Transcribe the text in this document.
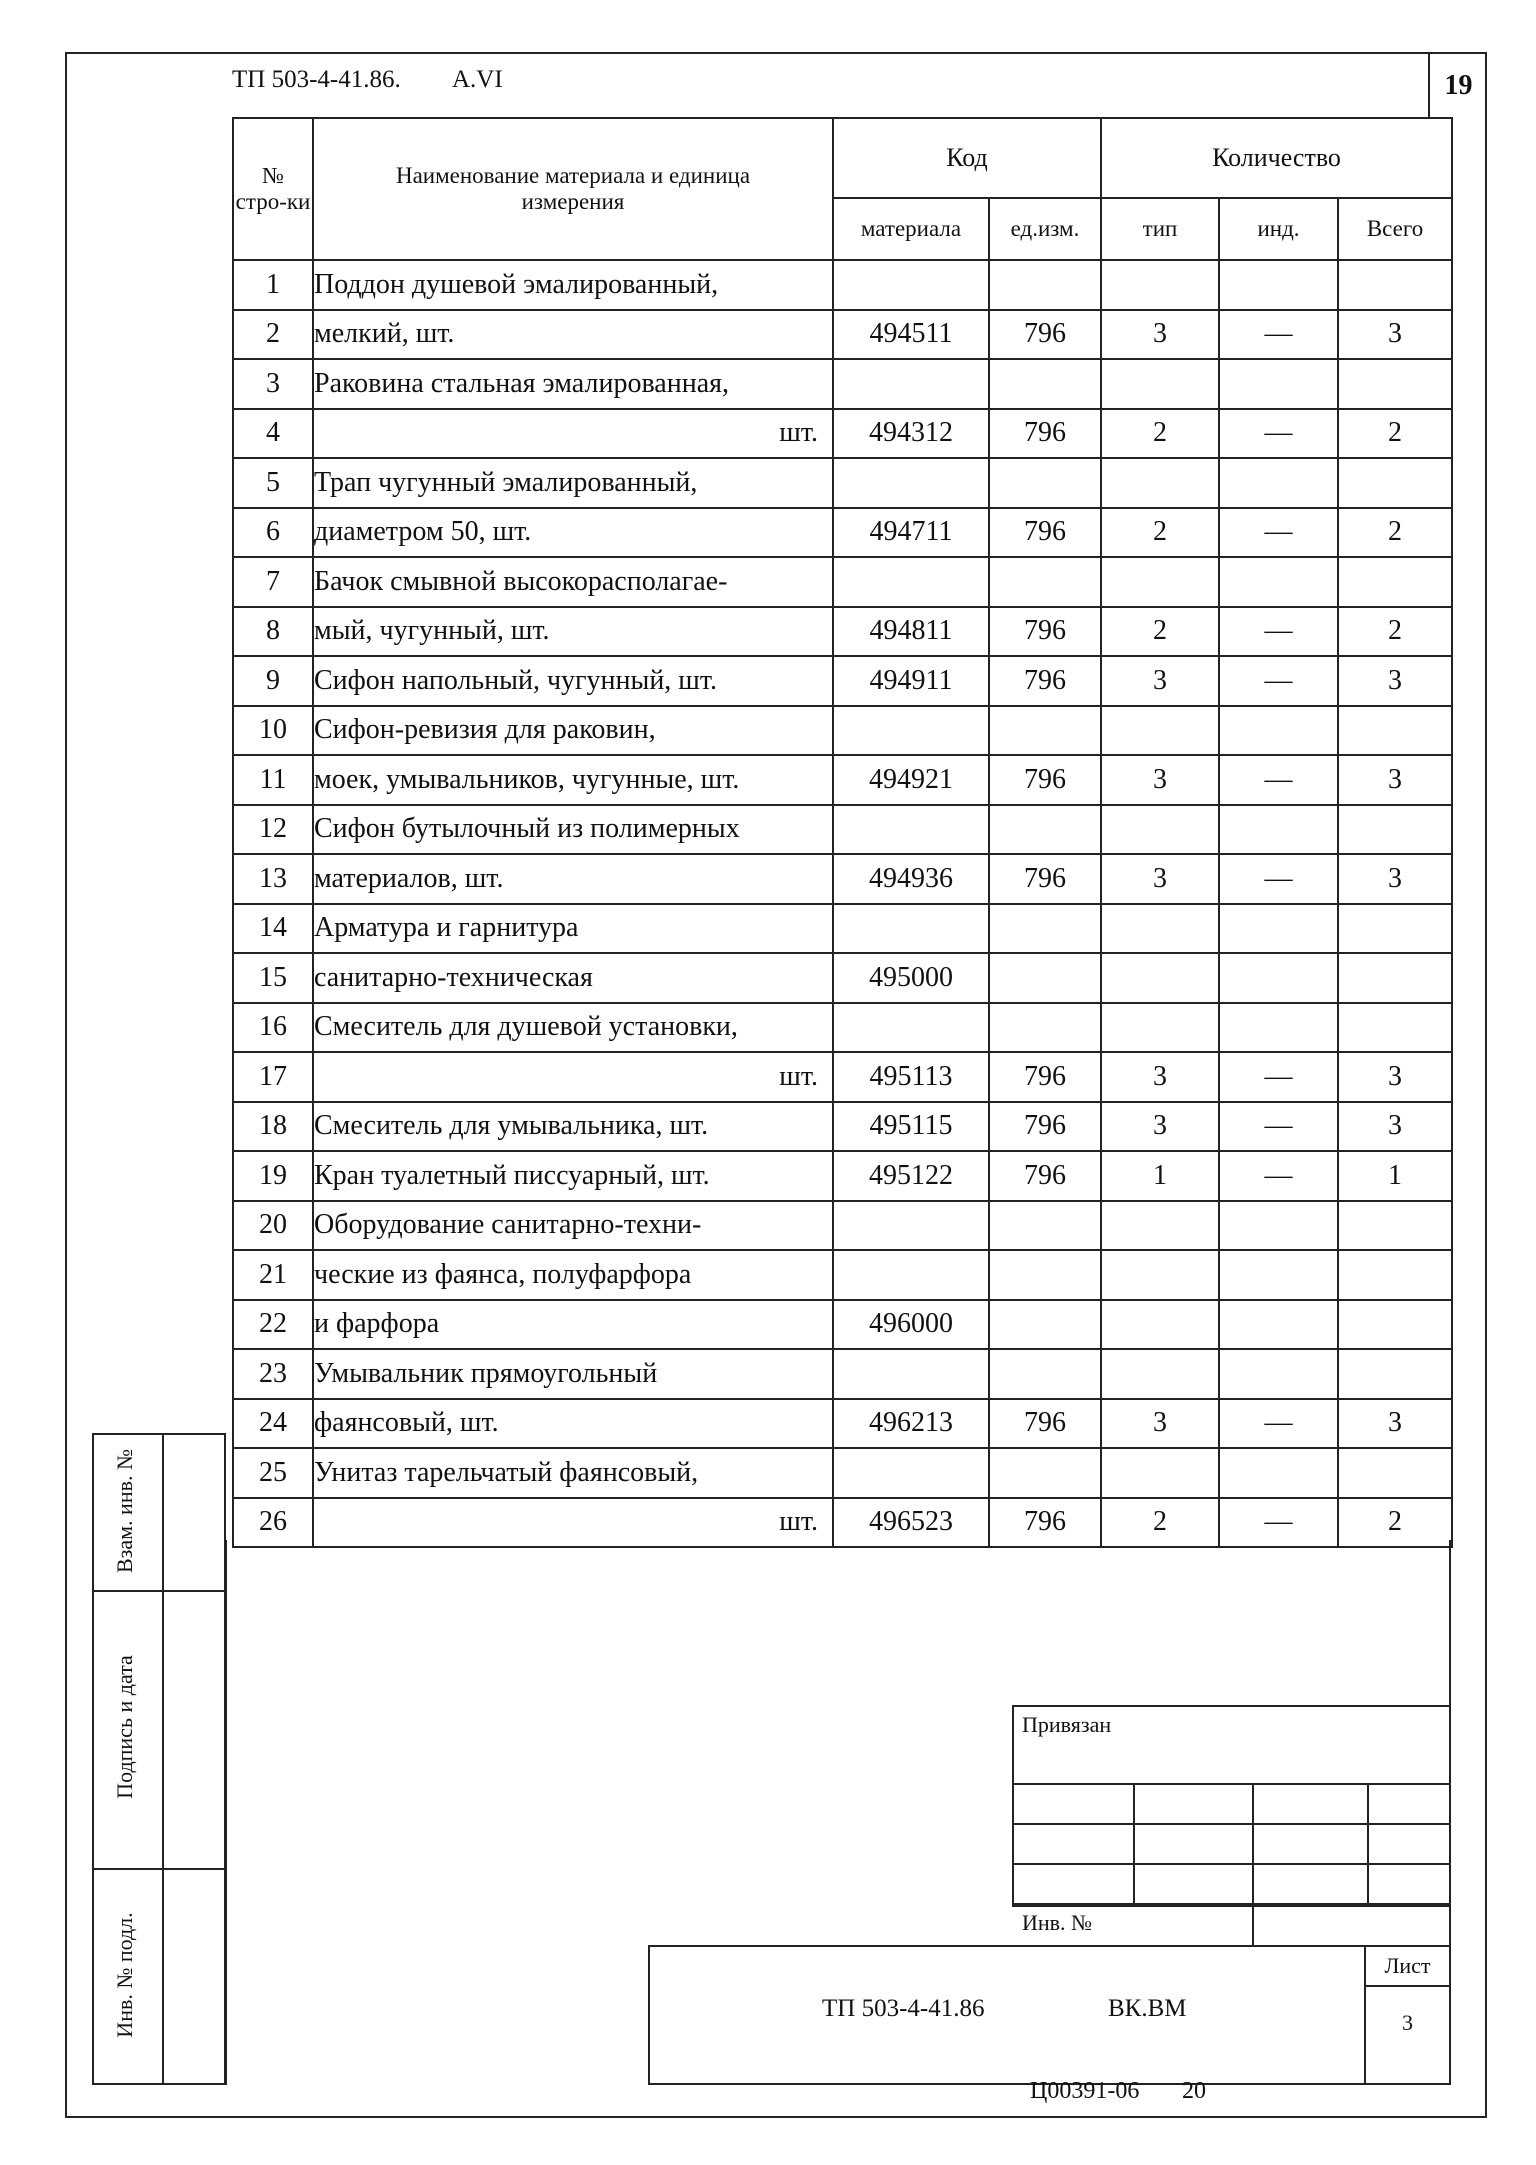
ТП 503-4-41.86. A.VI	19
№ стро-ки	Наименование материала и единица измерения	Код		Количество		
		материала	ед.изм.	тип	инд.	Всего
1	Поддон душевой эмалированный,					
2	мелкий, шт.	494511	796	3	—	3
3	Раковина стальная эмалированная,					
4	шт.	494312	796	2	—	2
5	Трап чугунный эмалированный,					
6	диаметром 50, шт.	494711	796	2	—	2
7	Бачок смывной высокорасполагае-					
8	мый, чугунный, шт.	494811	796	2	—	2
9	Сифон напольный, чугунный, шт.	494911	796	3	—	3
10	Сифон-ревизия для раковин,					
11	моек, умывальников, чугунные, шт.	494921	796	3	—	3
12	Сифон бутылочный из полимерных					
13	материалов, шт.	494936	796	3	—	3
14	Арматура и гарнитура					
15	санитарно-техническая	495000				
16	Смеситель для душевой установки,					
17	шт.	495113	796	3	—	3
18	Смеситель для умывальника, шт.	495115	796	3	—	3
19	Кран туалетный писсуарный, шт.	495122	796	1	—	1
20	Оборудование санитарно-техни-					
21	ческие из фаянса, полуфарфора					
22	и фарфора	496000				
23	Умывальник прямоугольный					
24	фаянсовый, шт.	496213	796	3	—	3
25	Унитаз тарельчатый фаянсовый,					
26	шт.	496523	796	2	—	2
Взам. инв. №
Подпись и дата
Инв. № подл.
Привязан
Инв. №
Лист
3
ТП 503-4-41.86	ВК.ВМ
Ц00391-06 20
